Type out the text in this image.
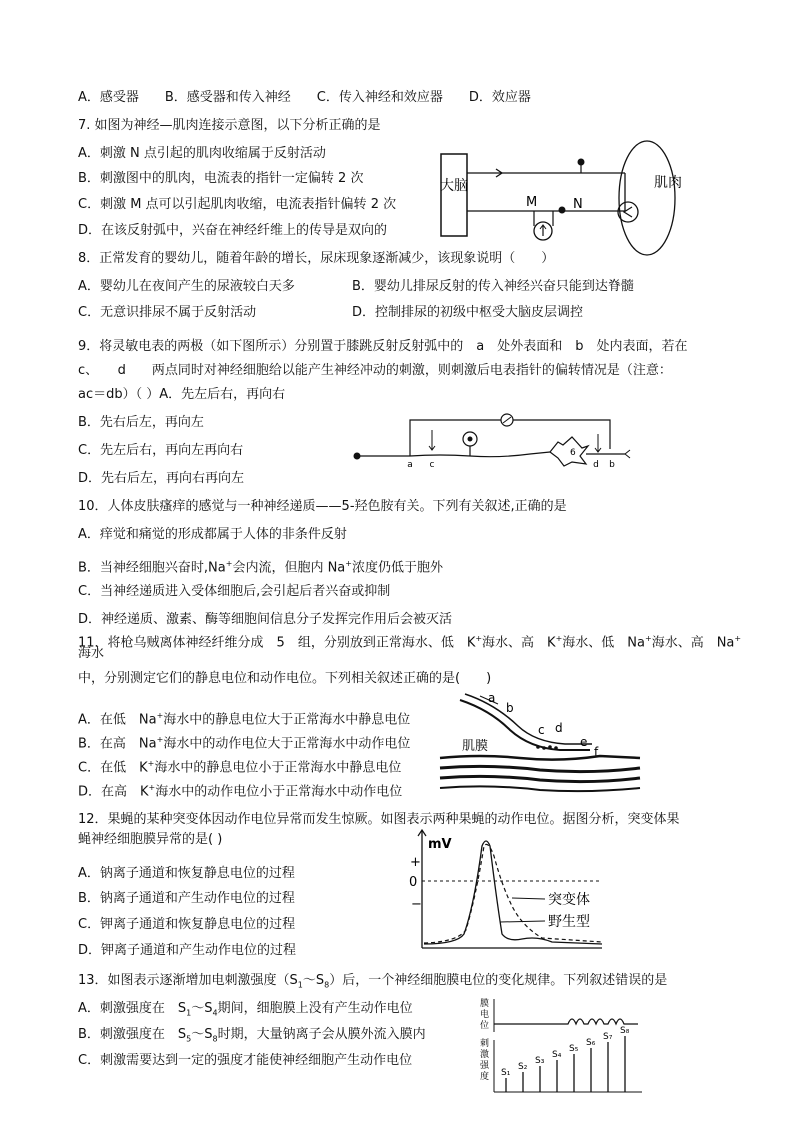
A．感受器　　B．感受器和传入神经　　C．传入神经和效应器　　D．效应器
7. 如图为神经—肌肉连接示意图，以下分析正确的是
A．刺激 N 点引起的肌肉收缩属于反射活动
B．刺激图中的肌肉，电流表的指针一定偏转 2 次
C．刺激 M 点可以引起肌肉收缩，电流表指针偏转 2 次
D．在该反射弧中，兴奋在神经纤维上的传导是双向的
大脑	肌肉
M	N
8．正常发育的婴幼儿，随着年龄的增长，尿床现象逐渐减少，该现象说明（　　）
A．婴幼儿在夜间产生的尿液较白天多	B．婴幼儿排尿反射的传入神经兴奋只能到达脊髓
C．无意识排尿不属于反射活动	D．控制排尿的初级中枢受大脑皮层调控
9．将灵敏电表的两极（如下图所示）分别置于膝跳反射反射弧中的　a　处外表面和　b　处内表面，若在
c、　　d　　两点同时对神经细胞给以能产生神经冲动的刺激，则刺激后电表指针的偏转情况是（注意：
ac＝db）（ ）A．先左后右，再向右
B．先右后左，再向左
C．先左后右，再向左再向右
D．先右后左，再向右再向左
6
a c	d b
10．人体皮肤瘙痒的感觉与一种神经递质——5-羟色胺有关。下列有关叙述,正确的是
A．痒觉和痛觉的形成都属于人体的非条件反射
B．当神经细胞兴奋时,Na+会内流，但胞内 Na+浓度仍低于胞外
C．当神经递质进入受体细胞后,会引起后者兴奋或抑制
D．神经递质、激素、酶等细胞间信息分子发挥完作用后会被灭活
11．将枪乌贼离体神经纤维分成　5　组，分别放到正常海水、低　K+海水、高　K+海水、低　Na+海水、高　Na+
海水
中，分别测定它们的静息电位和动作电位。下列相关叙述正确的是(　　)
A．在低　Na+海水中的静息电位大于正常海水中静息电位
B．在高　Na+海水中的动作电位大于正常海水中动作电位
C．在低　K+海水中的静息电位小于正常海水中静息电位
D．在高　K+海水中的动作电位小于正常海水中动作电位
a
b
c d
e
f
肌膜
12．果蝇的某种突变体因动作电位异常而发生惊厥。如图表示两种果蝇的动作电位。据图分析，突变体果
蝇神经细胞膜异常的是( )
A．钠离子通道和恢复静息电位的过程
B．钠离子通道和产生动作电位的过程
C．钾离子通道和恢复静息电位的过程
D．钾离子通道和产生动作电位的过程
mV
+
0
−	突变体
野生型
13．如图表示逐渐增加电刺激强度$(S_1\sim S_8)$后，一个神经细胞膜电位的变化规律。下列叙述错误的是
A．刺激强度在　$S_1\sim S_4$期间，细胞膜上没有产生动作电位
B．刺激强度在　$S_5\sim S_8$时期，大量钠离子会从膜外流入膜内
C．刺激需要达到一定的强度才能使神经细胞产生动作电位
膜
电
位
刺
激
强
度 S₁
S₂
S₃
S₄
S₅
S₆
S₇
S₈
